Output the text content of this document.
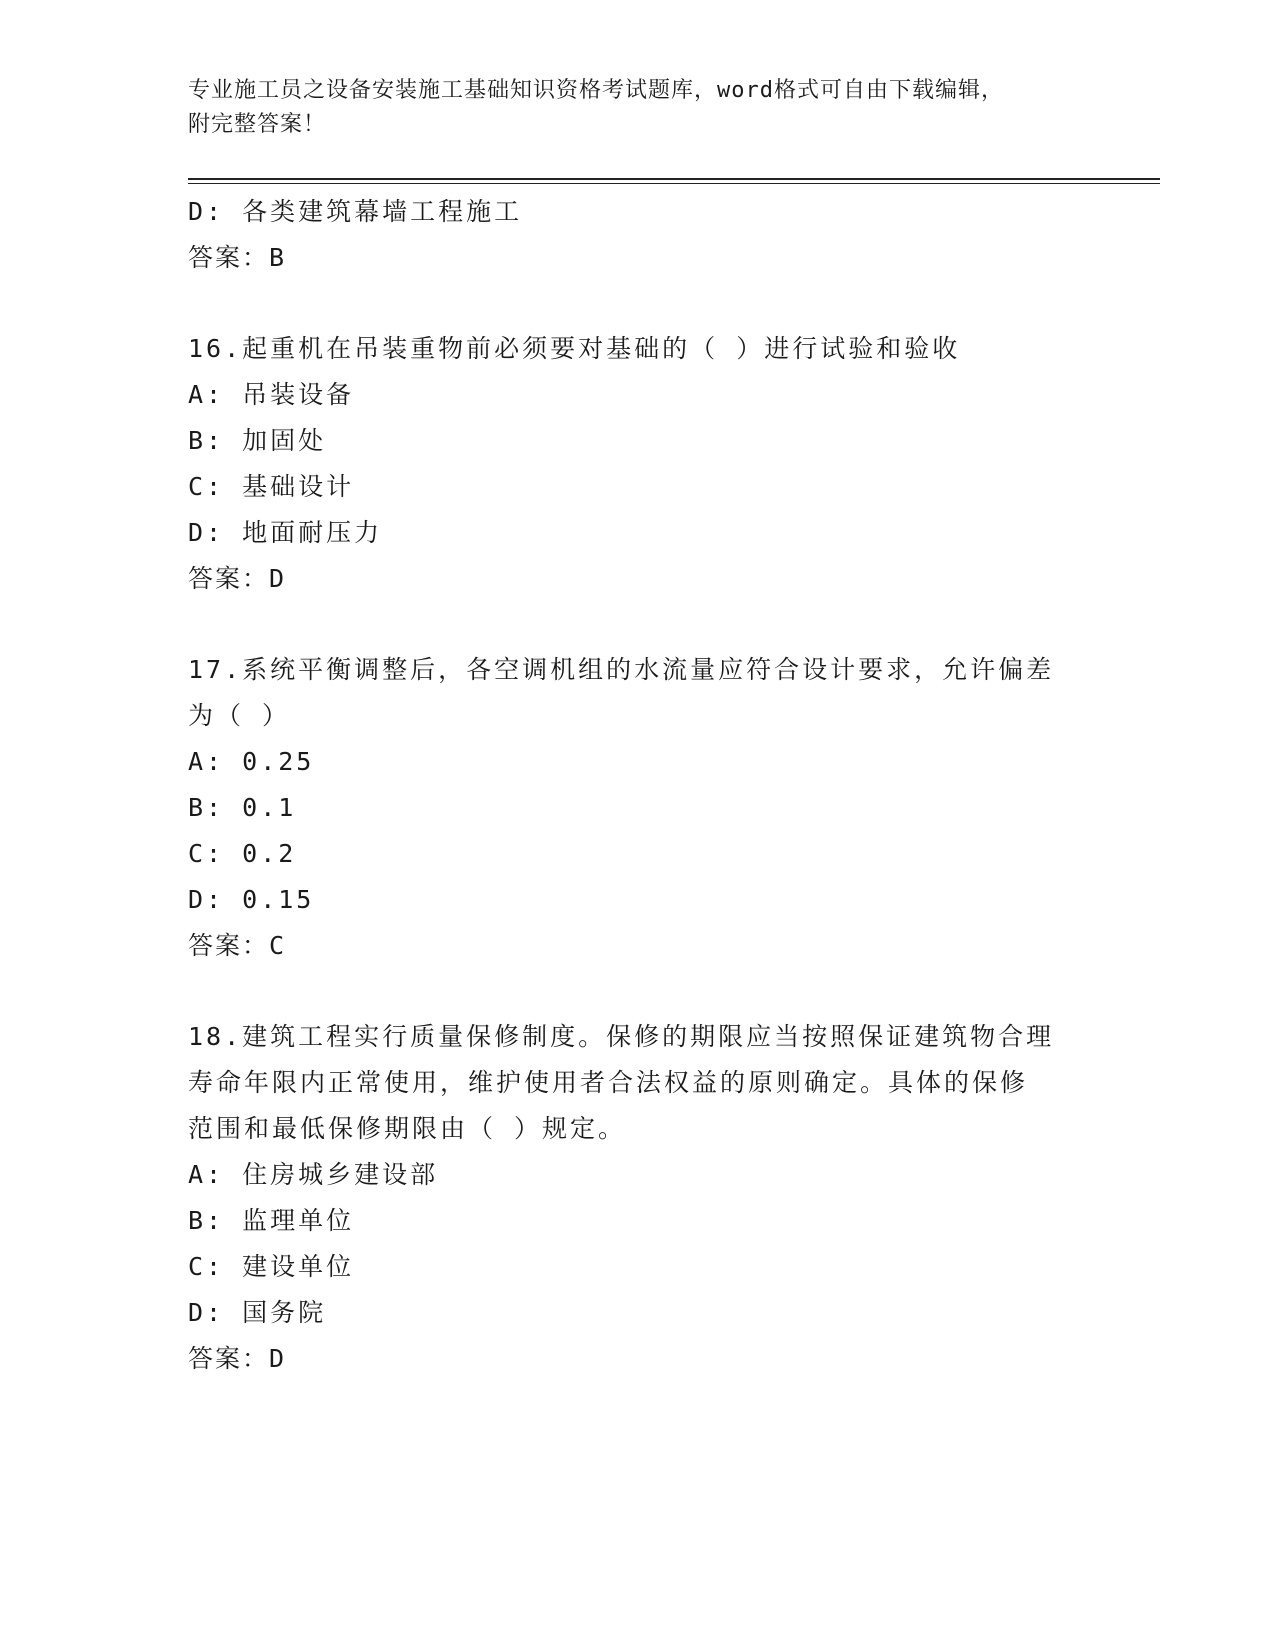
专业施工员之设备安装施工基础知识资格考试题库，word格式可自由下载编辑，
附完整答案！
D: 各类建筑幕墙工程施工
答案：B
16.起重机在吊装重物前必须要对基础的（ ）进行试验和验收
A: 吊装设备
B: 加固处
C: 基础设计
D: 地面耐压力
答案：D
17.系统平衡调整后，各空调机组的水流量应符合设计要求，允许偏差
为（ ）
A: 0.25
B: 0.1
C: 0.2
D: 0.15
答案：C
18.建筑工程实行质量保修制度。保修的期限应当按照保证建筑物合理
寿命年限内正常使用，维护使用者合法权益的原则确定。具体的保修
范围和最低保修期限由（ ）规定。
A: 住房城乡建设部
B: 监理单位
C: 建设单位
D: 国务院
答案：D
